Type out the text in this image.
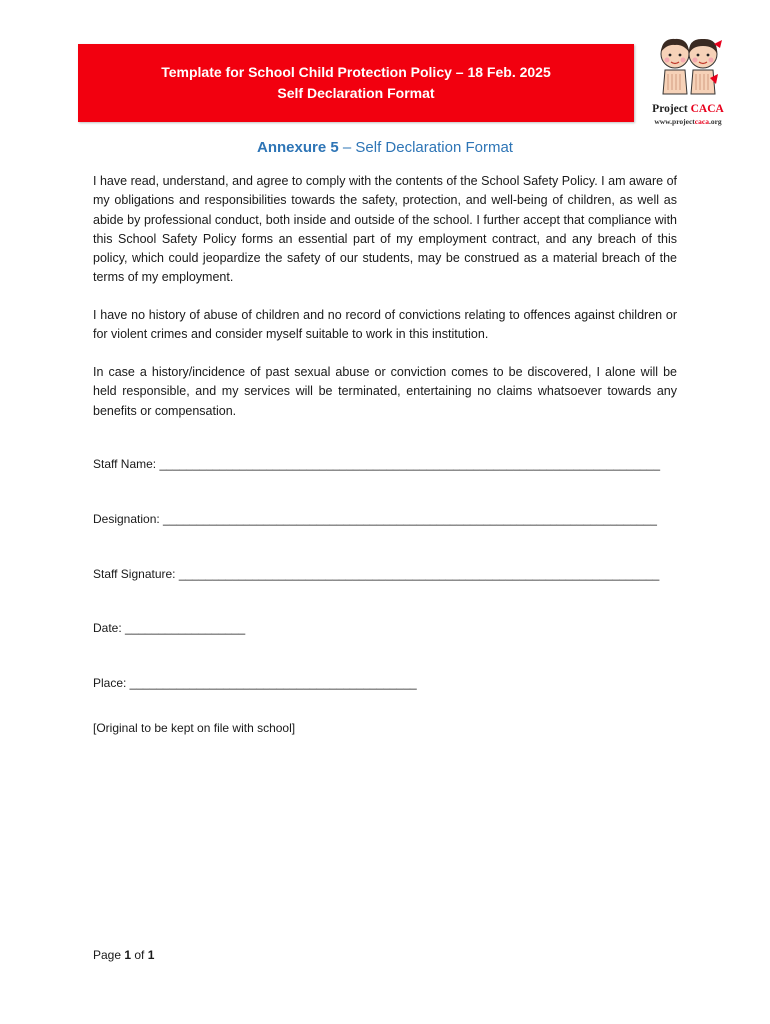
Template for School Child Protection Policy – 18 Feb. 2025
Self Declaration Format
Project CACA
www.projectcaca.org
Annexure 5 – Self Declaration Format

I have read, understand, and agree to comply with the contents of the School Safety Policy. I am aware of my obligations and responsibilities towards the safety, protection, and well-being of children, as well as abide by professional conduct, both inside and outside of the school. I further accept that compliance with this School Safety Policy forms an essential part of my employment contract, and any breach of this policy, which could jeopardize the safety of our students, may be construed as a material breach of the terms of my employment.

I have no history of abuse of children and no record of convictions relating to offences against children or for violent crimes and consider myself suitable to work in this institution.

In case a history/incidence of past sexual abuse or conviction comes to be discovered, I alone will be held responsible, and my services will be terminated, entertaining no claims whatsoever towards any benefits or compensation.

Staff Name: ___________________________________________________________________________
Designation: __________________________________________________________________________
Staff Signature: ________________________________________________________________________
Date: __________________
Place: ___________________________________________
[Original to be kept on file with school]
Page 1 of 1
